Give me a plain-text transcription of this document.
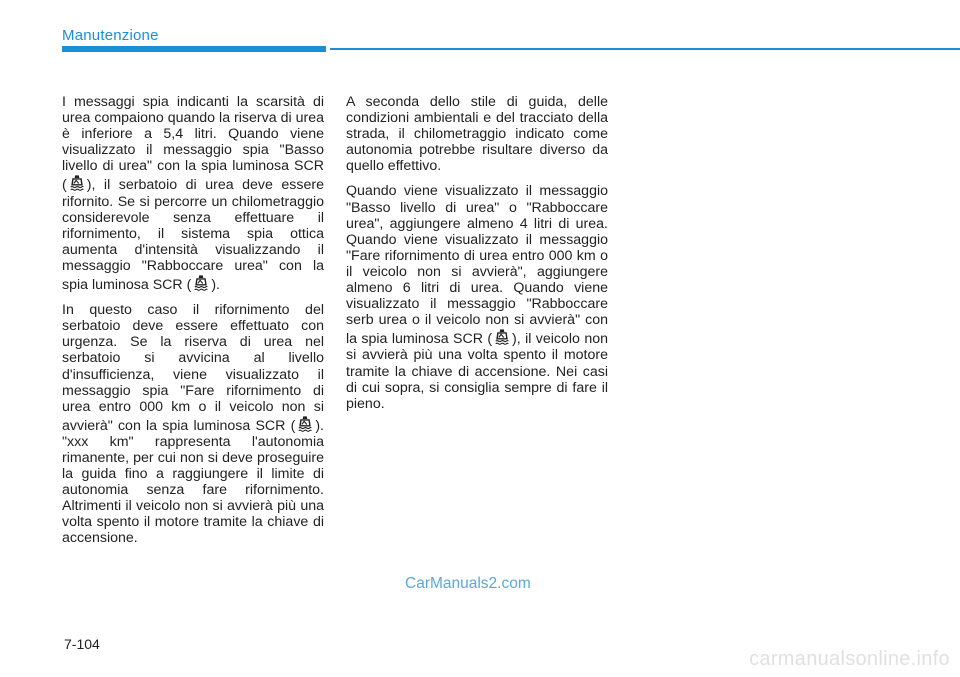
Manutenzione

I messaggi spia indicanti la scarsità di urea compaiono quando la riserva di urea è inferiore a 5,4 litri. Quando viene visualizzato il messaggio spia "Basso livello di urea" con la spia luminosa SCR ( ), il serbatoio di urea deve essere rifornito. Se si percorre un chilometraggio considerevole senza effettuare il rifornimento, il sistema spia ottica aumenta d'intensità visualizzando il messaggio "Rabboccare urea" con la spia luminosa SCR ( ).

In questo caso il rifornimento del serbatoio deve essere effettuato con urgenza. Se la riserva di urea nel serbatoio si avvicina al livello d'insufficienza, viene visualizzato il messaggio spia "Fare rifornimento di urea entro 000 km o il veicolo non si avvierà" con la spia luminosa SCR ( ). "xxx km" rappresenta l'autonomia rimanente, per cui non si deve proseguire la guida fino a raggiungere il limite di autonomia senza fare rifornimento. Altrimenti il veicolo non si avvierà più una volta spento il motore tramite la chiave di accensione.

A seconda dello stile di guida, delle condizioni ambientali e del tracciato della strada, il chilometraggio indicato come autonomia potrebbe risultare diverso da quello effettivo.

Quando viene visualizzato il messaggio "Basso livello di urea" o "Rabboccare urea", aggiungere almeno 4 litri di urea. Quando viene visualizzato il messaggio "Fare rifornimento di urea entro 000 km o il veicolo non si avvierà", aggiungere almeno 6 litri di urea. Quando viene visualizzato il messaggio "Rabboccare serb urea o il veicolo non si avvierà" con la spia luminosa SCR ( ), il veicolo non si avvierà più una volta spento il motore tramite la chiave di accensione. Nei casi di cui sopra, si consiglia sempre di fare il pieno.

CarManuals2.com
7-104
carmanualsonline.info
